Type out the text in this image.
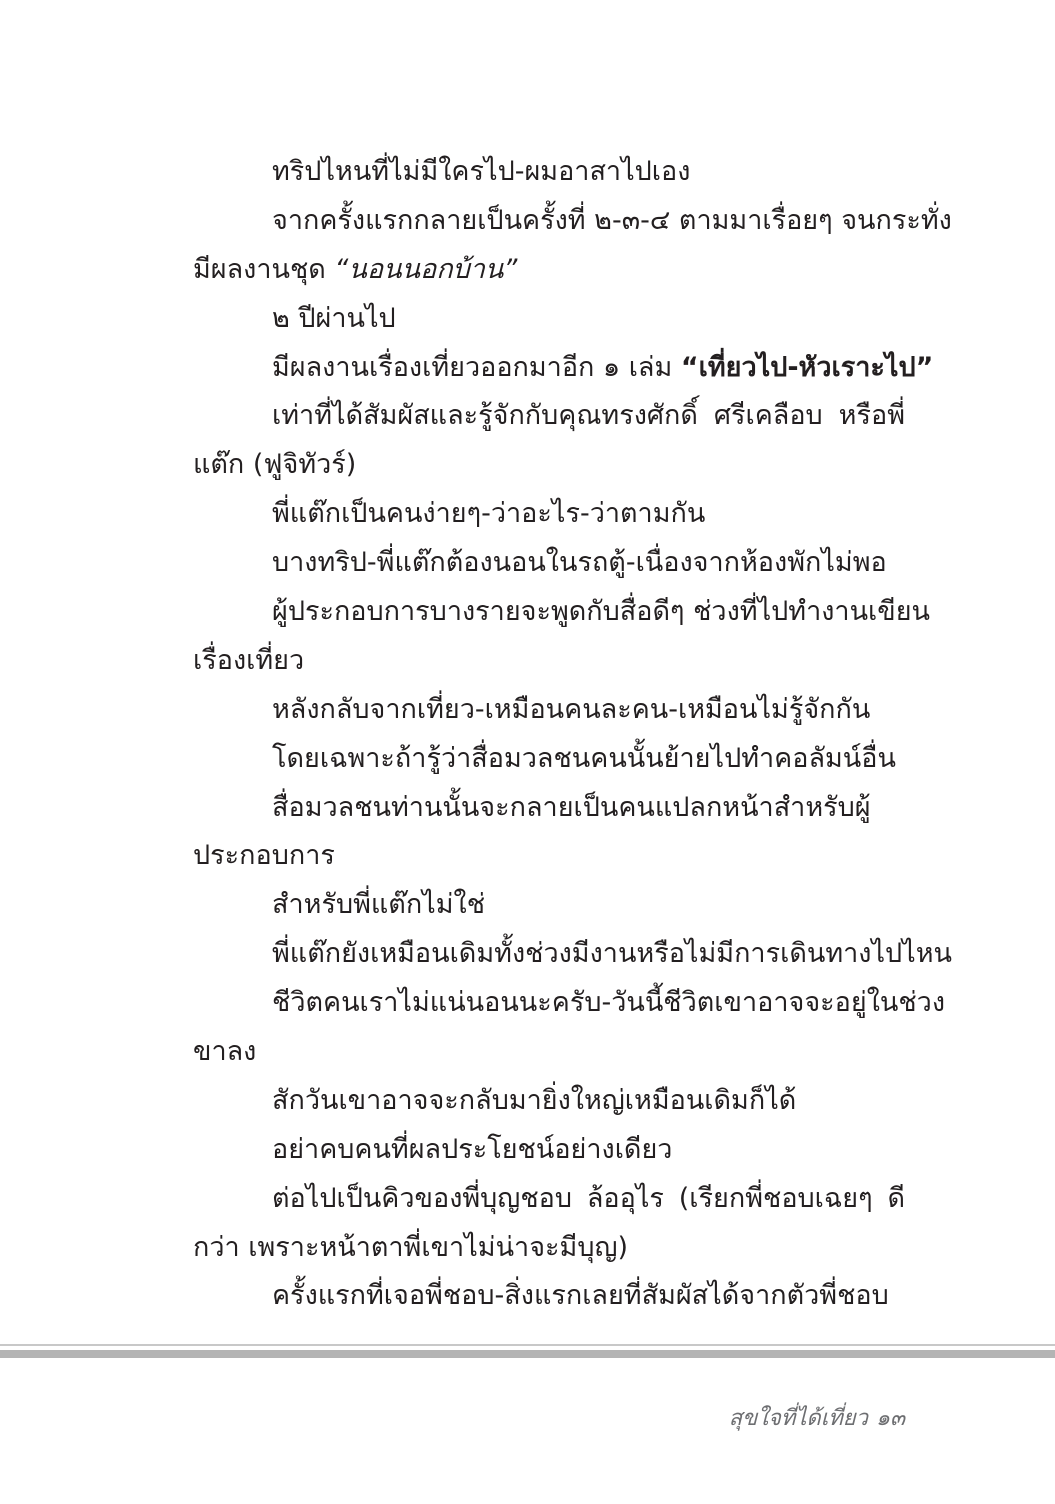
ทริปไหนที่ไม่มีใครไป-ผมอาสาไปเอง
จากครั้งแรกกลายเป็นครั้งที่ ๒-๓-๔ ตามมาเรื่อยๆ จนกระทั่ง
มีผลงานชุด “นอนนอกบ้าน”
๒ ปีผ่านไป
มีผลงานเรื่องเที่ยวออกมาอีก ๑ เล่ม “เที่ยวไป-หัวเราะไป”
เท่าที่ได้สัมผัสและรู้จักกับคุณทรงศักดิ์ ศรีเคลือบ หรือพี่
แต๊ก (ฟูจิทัวร์)
พี่แต๊กเป็นคนง่ายๆ-ว่าอะไร-ว่าตามกัน
บางทริป-พี่แต๊กต้องนอนในรถตู้-เนื่องจากห้องพักไม่พอ
ผู้ประกอบการบางรายจะพูดกับสื่อดีๆ ช่วงที่ไปทำงานเขียน
เรื่องเที่ยว
หลังกลับจากเที่ยว-เหมือนคนละคน-เหมือนไม่รู้จักกัน
โดยเฉพาะถ้ารู้ว่าสื่อมวลชนคนนั้นย้ายไปทำคอลัมน์อื่น
สื่อมวลชนท่านนั้นจะกลายเป็นคนแปลกหน้าสำหรับผู้
ประกอบการ
สำหรับพี่แต๊กไม่ใช่
พี่แต๊กยังเหมือนเดิมทั้งช่วงมีงานหรือไม่มีการเดินทางไปไหน
ชีวิตคนเราไม่แน่นอนนะครับ-วันนี้ชีวิตเขาอาจจะอยู่ในช่วง
ขาลง
สักวันเขาอาจจะกลับมายิ่งใหญ่เหมือนเดิมก็ได้
อย่าคบคนที่ผลประโยชน์อย่างเดียว
ต่อไปเป็นคิวของพี่บุญชอบ ล้ออุไร (เรียกพี่ชอบเฉยๆ ดี
กว่า เพราะหน้าตาพี่เขาไม่น่าจะมีบุญ)
ครั้งแรกที่เจอพี่ชอบ-สิ่งแรกเลยที่สัมผัสได้จากตัวพี่ชอบ
สุขใจที่ได้เที่ยว ๑๓
